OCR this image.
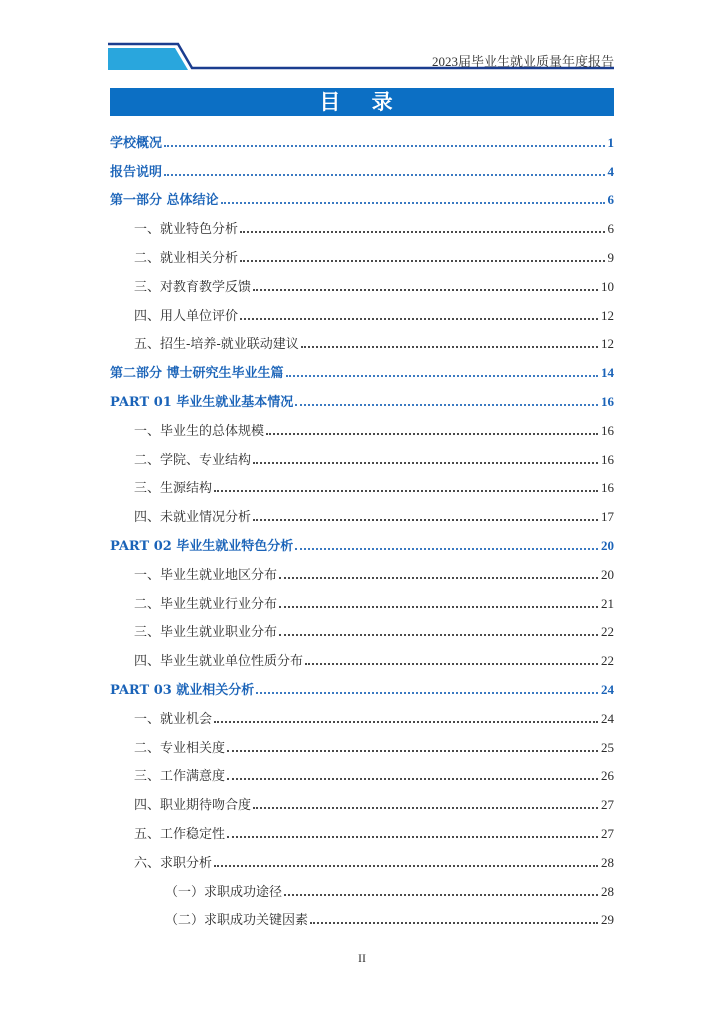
2023届毕业生就业质量年度报告
目 录
学校概况	1
报告说明	4
第一部分 总体结论	6
一、就业特色分析	6
二、就业相关分析	9
三、对教育教学反馈	10
四、用人单位评价	12
五、招生-培养-就业联动建议	12
第二部分 博士研究生毕业生篇	14
PART 01 毕业生就业基本情况	16
一、毕业生的总体规模	16
二、学院、专业结构	16
三、生源结构	16
四、未就业情况分析	17
PART 02 毕业生就业特色分析	20
一、毕业生就业地区分布	20
二、毕业生就业行业分布	21
三、毕业生就业职业分布	22
四、毕业生就业单位性质分布	22
PART 03 就业相关分析	24
一、就业机会	24
二、专业相关度	25
三、工作满意度	26
四、职业期待吻合度	27
五、工作稳定性	27
六、求职分析	28
（一）求职成功途径	28
（二）求职成功关键因素	29
II
